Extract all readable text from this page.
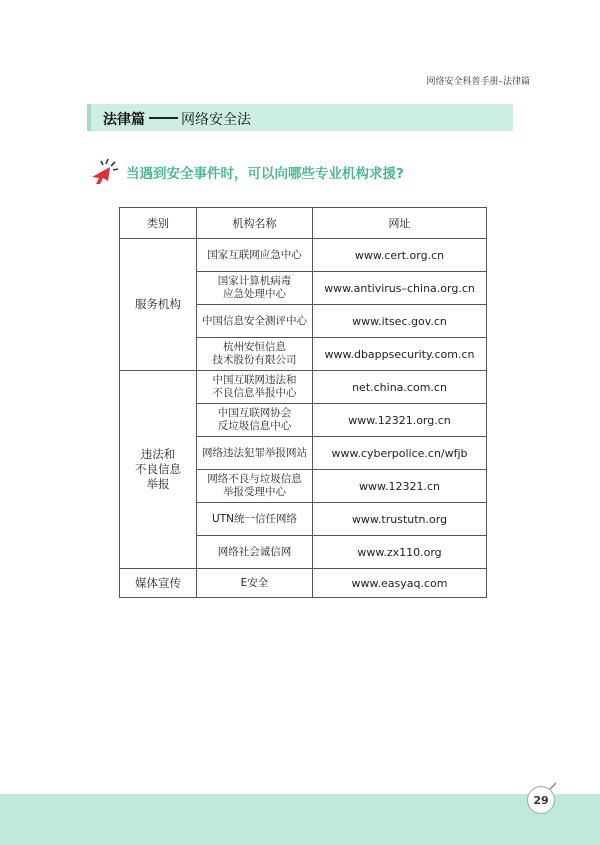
网络安全科普手册–法律篇
法律篇	网络安全法
当遇到安全事件时，可以向哪些专业机构求援?
类别	机构名称	网址
服务机构	国家互联网应急中心	www.cert.org.cn
	国家计算机病毒
应急处理中心	www.antivirus–china.org.cn
	中国信息安全测评中心	www.itsec.gov.cn
	杭州安恒信息
技术股份有限公司	www.dbappsecurity.com.cn
违法和
不良信息
举报	中国互联网违法和
不良信息举报中心	net.china.com.cn
	中国互联网协会
反垃圾信息中心	www.12321.org.cn
	网络违法犯罪举报网站	www.cyberpolice.cn/wfjb
	网络不良与垃圾信息
举报受理中心	www.12321.cn
	UTN统一信任网络	www.trustutn.org
	网络社会诚信网	www.zx110.org
媒体宣传	E安全	www.easyaq.com
29
